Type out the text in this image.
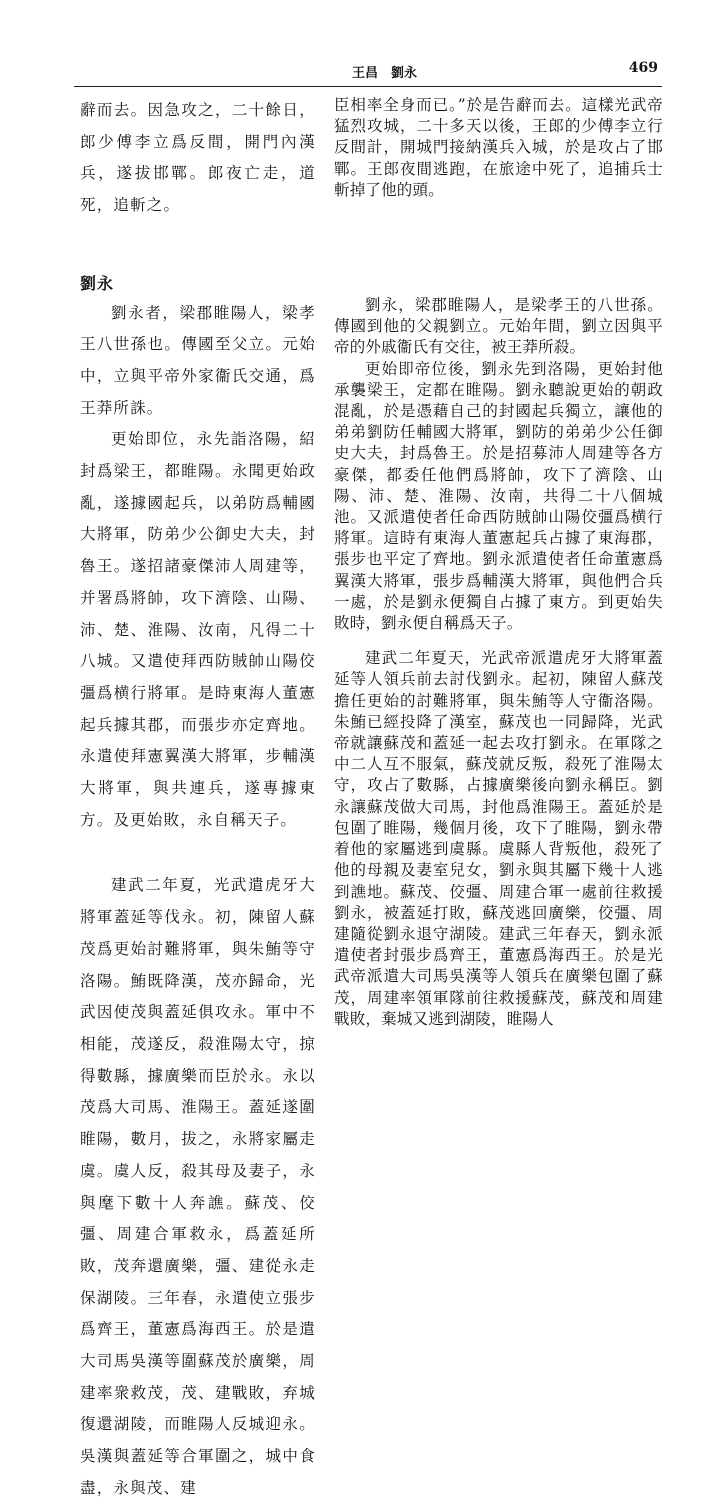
王昌　劉永	469

辭而去。因急攻之，二十餘日，郎少傅李立爲反間，開門內漢兵，遂拔邯鄲。郎夜亡走，道死，追斬之。

劉永

劉永者，梁郡睢陽人，梁孝王八世孫也。傳國至父立。元始中，立與平帝外家衞氏交通，爲王莽所誅。

更始即位，永先詣洛陽，紹封爲梁王，都睢陽。永聞更始政亂，遂據國起兵，以弟防爲輔國大將軍，防弟少公御史大夫，封魯王。遂招諸豪傑沛人周建等，并署爲將帥，攻下濟陰、山陽、沛、楚、淮陽、汝南，凡得二十八城。又遣使拜西防賊帥山陽佼彊爲横行將軍。是時東海人董憲起兵據其郡，而張步亦定齊地。永遣使拜憲翼漢大將軍，步輔漢大將軍，與共連兵，遂專據東方。及更始敗，永自稱天子。

建武二年夏，光武遣虎牙大將軍蓋延等伐永。初，陳留人蘇茂爲更始討難將軍，與朱鮪等守洛陽。鮪既降漢，茂亦歸命，光武因使茂與蓋延俱攻永。軍中不相能，茂遂反，殺淮陽太守，掠得數縣，據廣樂而臣於永。永以茂爲大司馬、淮陽王。蓋延遂圍睢陽，數月，拔之，永將家屬走虞。虞人反，殺其母及妻子，永與麾下數十人奔譙。蘇茂、佼彊、周建合軍救永，爲蓋延所敗，茂奔還廣樂，彊、建從永走保湖陵。三年春，永遣使立張步爲齊王，董憲爲海西王。於是遣大司馬吳漢等圍蘇茂於廣樂，周建率衆救茂，茂、建戰敗，弃城復還湖陵，而睢陽人反城迎永。吳漢與蓋延等合軍圍之，城中食盡，永與茂、建

臣相率全身而已。”於是告辭而去。這樣光武帝猛烈攻城，二十多天以後，王郎的少傅李立行反間計，開城門接納漢兵入城，於是攻占了邯鄲。王郎夜間逃跑，在旅途中死了，追捕兵士斬掉了他的頭。

劉永，梁郡睢陽人，是梁孝王的八世孫。傳國到他的父親劉立。元始年間，劉立因與平帝的外戚衞氏有交往，被王莽所殺。

更始即帝位後，劉永先到洛陽，更始封他承襲梁王，定都在睢陽。劉永聽說更始的朝政混亂，於是憑藉自己的封國起兵獨立，讓他的弟弟劉防任輔國大將軍，劉防的弟弟少公任御史大夫，封爲魯王。於是招募沛人周建等各方豪傑，都委任他們爲將帥，攻下了濟陰、山陽、沛、楚、淮陽、汝南，共得二十八個城池。又派遣使者任命西防賊帥山陽佼彊爲横行將軍。這時有東海人董憲起兵占據了東海郡，張步也平定了齊地。劉永派遣使者任命董憲爲翼漢大將軍，張步爲輔漢大將軍，與他們合兵一處，於是劉永便獨自占據了東方。到更始失敗時，劉永便自稱爲天子。

建武二年夏天，光武帝派遣虎牙大將軍蓋延等人領兵前去討伐劉永。起初，陳留人蘇茂擔任更始的討難將軍，與朱鮪等人守衞洛陽。朱鮪已經投降了漢室，蘇茂也一同歸降，光武帝就讓蘇茂和蓋延一起去攻打劉永。在軍隊之中二人互不服氣，蘇茂就反叛，殺死了淮陽太守，攻占了數縣，占據廣樂後向劉永稱臣。劉永讓蘇茂做大司馬，封他爲淮陽王。蓋延於是包圍了睢陽，幾個月後，攻下了睢陽，劉永帶着他的家屬逃到虞縣。虞縣人背叛他，殺死了他的母親及妻室兒女，劉永與其屬下幾十人逃到譙地。蘇茂、佼彊、周建合軍一處前往救援劉永，被蓋延打敗，蘇茂逃回廣樂，佼彊、周建隨從劉永退守湖陵。建武三年春天，劉永派遣使者封張步爲齊王，董憲爲海西王。於是光武帝派遣大司馬吳漢等人領兵在廣樂包圍了蘇茂，周建率領軍隊前往救援蘇茂，蘇茂和周建戰敗，棄城又逃到湖陵，睢陽人
